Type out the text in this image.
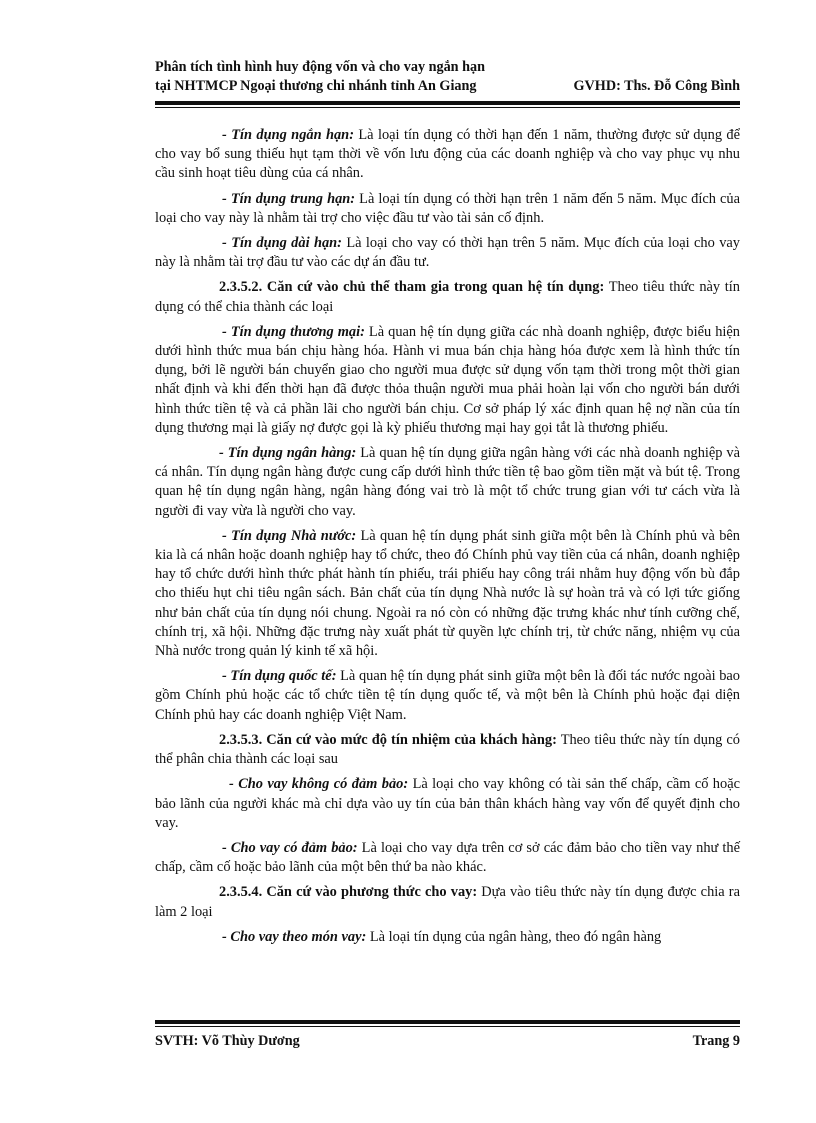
Phân tích tình hình huy động vốn và cho vay ngắn hạn
tại NHTMCP Ngoại thương chi nhánh tỉnh An Giang	GVHD: Ths. Đỗ Công Bình

- Tín dụng ngắn hạn: Là loại tín dụng có thời hạn đến 1 năm, thường được sử dụng để cho vay bổ sung thiếu hụt tạm thời về vốn lưu động của các doanh nghiệp và cho vay phục vụ nhu cầu sinh hoạt tiêu dùng của cá nhân.

- Tín dụng trung hạn: Là loại tín dụng có thời hạn trên 1 năm đến 5 năm. Mục đích của loại cho vay này là nhằm tài trợ cho việc đầu tư vào tài sản cố định.

- Tín dụng dài hạn: Là loại cho vay có thời hạn trên 5 năm. Mục đích của loại cho vay này là nhằm tài trợ đầu tư vào các dự án đầu tư.

2.3.5.2. Căn cứ vào chủ thể tham gia trong quan hệ tín dụng: Theo tiêu thức này tín dụng có thể chia thành các loại

- Tín dụng thương mại: Là quan hệ tín dụng giữa các nhà doanh nghiệp, được biểu hiện dưới hình thức mua bán chịu hàng hóa. Hành vi mua bán chịa hàng hóa được xem là hình thức tín dụng, bởi lẽ người bán chuyển giao cho người mua được sử dụng vốn tạm thời trong một thời gian nhất định và khi đến thời hạn đã được thỏa thuận người mua phải hoàn lại vốn cho người bán dưới hình thức tiền tệ và cả phần lãi cho người bán chịu. Cơ sở pháp lý xác định quan hệ nợ nần của tín dụng thương mại là giấy nợ được gọi là kỳ phiếu thương mại hay gọi tắt là thương phiếu.

- Tín dụng ngân hàng: Là quan hệ tín dụng giữa ngân hàng với các nhà doanh nghiệp và cá nhân. Tín dụng ngân hàng được cung cấp dưới hình thức tiền tệ bao gồm tiền mặt và bút tệ. Trong quan hệ tín dụng ngân hàng, ngân hàng đóng vai trò là một tổ chức trung gian với tư cách vừa là người đi vay vừa là người cho vay.

- Tín dụng Nhà nước: Là quan hệ tín dụng phát sinh giữa một bên là Chính phủ và bên kia là cá nhân hoặc doanh nghiệp hay tổ chức, theo đó Chính phủ vay tiền của cá nhân, doanh nghiệp hay tổ chức dưới hình thức phát hành tín phiếu, trái phiếu hay công trái nhằm huy động vốn bù đắp cho thiếu hụt chi tiêu ngân sách. Bản chất của tín dụng Nhà nước là sự hoàn trả và có lợi tức giống như bản chất của tín dụng nói chung. Ngoài ra nó còn có những đặc trưng khác như tính cưỡng chế, chính trị, xã hội. Những đặc trưng này xuất phát từ quyền lực chính trị, từ chức năng, nhiệm vụ của Nhà nước trong quản lý kinh tế xã hội.

- Tín dụng quốc tế: Là quan hệ tín dụng phát sinh giữa một bên là đối tác nước ngoài bao gồm Chính phủ hoặc các tổ chức tiền tệ tín dụng quốc tế, và một bên là Chính phủ hoặc đại diện Chính phủ hay các doanh nghiệp Việt Nam.

2.3.5.3. Căn cứ vào mức độ tín nhiệm của khách hàng: Theo tiêu thức này tín dụng có thể phân chia thành các loại sau

- Cho vay không có đảm bảo: Là loại cho vay không có tài sản thế chấp, cầm cố hoặc bảo lãnh của người khác mà chỉ dựa vào uy tín của bản thân khách hàng vay vốn để quyết định cho vay.

- Cho vay có đảm bảo: Là loại cho vay dựa trên cơ sở các đảm bảo cho tiền vay như thế chấp, cầm cố hoặc bảo lãnh của một bên thứ ba nào khác.

2.3.5.4. Căn cứ vào phương thức cho vay: Dựa vào tiêu thức này tín dụng được chia ra làm 2 loại

- Cho vay theo món vay: Là loại tín dụng của ngân hàng, theo đó ngân hàng

SVTH: Võ Thùy Dương	Trang 9
